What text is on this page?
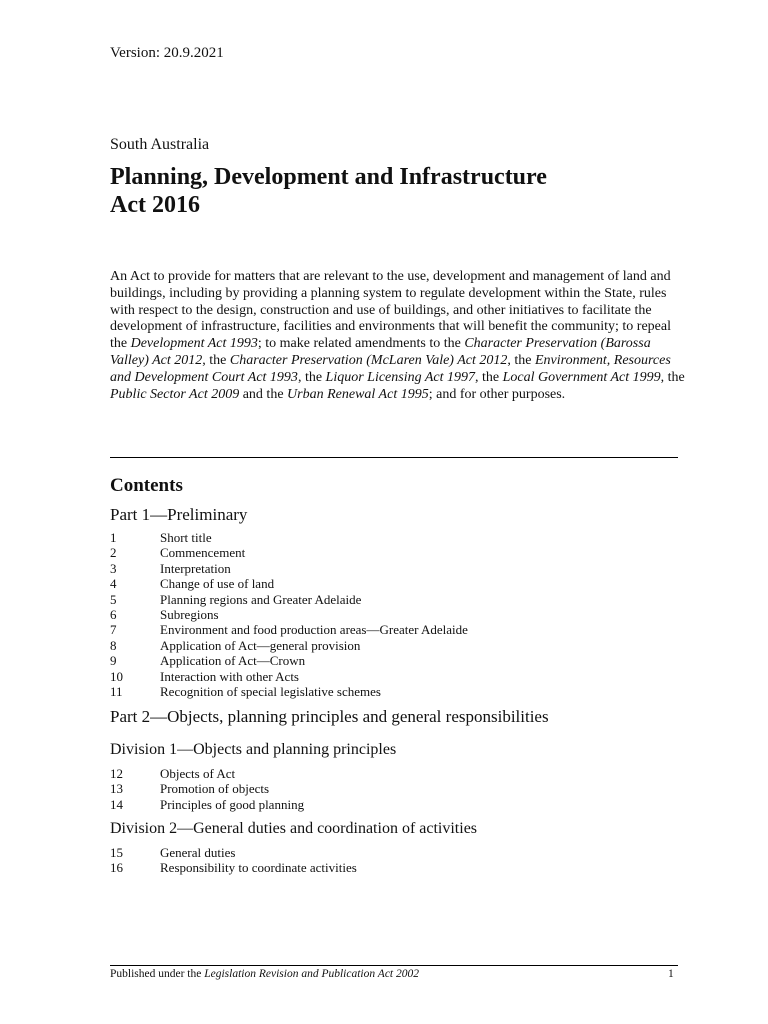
Version: 20.9.2021
South Australia
Planning, Development and Infrastructure
Act 2016

An Act to provide for matters that are relevant to the use, development and management of land and buildings, including by providing a planning system to regulate development within the State, rules with respect to the design, construction and use of buildings, and other initiatives to facilitate the development of infrastructure, facilities and environments that will benefit the community; to repeal the Development Act 1993; to make related amendments to the Character Preservation (Barossa Valley) Act 2012, the Character Preservation (McLaren Vale) Act 2012, the Environment, Resources and Development Court Act 1993, the Liquor Licensing Act 1997, the Local Government Act 1999, the Public Sector Act 2009 and the Urban Renewal Act 1995; and for other purposes.

Contents
Part 1—Preliminary
1	Short title
2	Commencement
3	Interpretation
4	Change of use of land
5	Planning regions and Greater Adelaide
6	Subregions
7	Environment and food production areas—Greater Adelaide
8	Application of Act—general provision
9	Application of Act—Crown
10	Interaction with other Acts
11	Recognition of special legislative schemes
Part 2—Objects, planning principles and general responsibilities
Division 1—Objects and planning principles
12	Objects of Act
13	Promotion of objects
14	Principles of good planning
Division 2—General duties and coordination of activities
15	General duties
16	Responsibility to coordinate activities
Published under the Legislation Revision and Publication Act 2002	1
